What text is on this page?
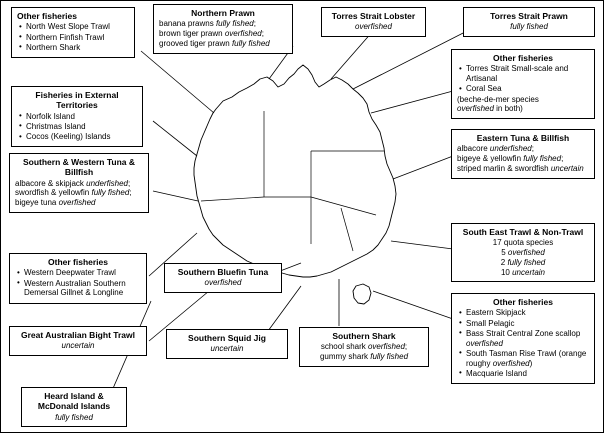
Other fisheries
• North West Slope Trawl
• Northern Finfish Trawl
• Northern Shark
Northern Prawn
banana prawns fully fished;
brown tiger prawn overfished;
grooved tiger prawn fully fished
Torres Strait Lobster
overfished
Torres Strait Prawn
fully fished
Other fisheries
• Torres Strait Small-scale and Artisanal
• Coral Sea
(beche-de-mer species
overfished in both)
Eastern Tuna & Billfish
albacore underfished;
bigeye & yellowfin fully fished;
striped marlin & swordfish uncertain
Fisheries in External Territories
• Norfolk Island
• Christmas Island
• Cocos (Keeling) Islands
Southern & Western Tuna & Billfish
albacore & skipjack underfished;
swordfish & yellowfin fully fished;
bigeye tuna overfished
South East Trawl & Non-Trawl
17 quota species
5 overfished
2 fully fished
10 uncertain
Other fisheries
• Western Deepwater Trawl
• Western Australian Southern Demersal Gillnet & Longline
Southern Bluefin Tuna
overfished
Other fisheries
• Eastern Skipjack
• Small Pelagic
• Bass Strait Central Zone scallop overfished
• South Tasman Rise Trawl (orange roughy overfished)
• Macquarie Island
Great Australian Bight Trawl
uncertain
Southern Squid Jig
uncertain
Southern Shark
school shark overfished;
gummy shark fully fished
Heard Island & McDonald Islands
fully fished
